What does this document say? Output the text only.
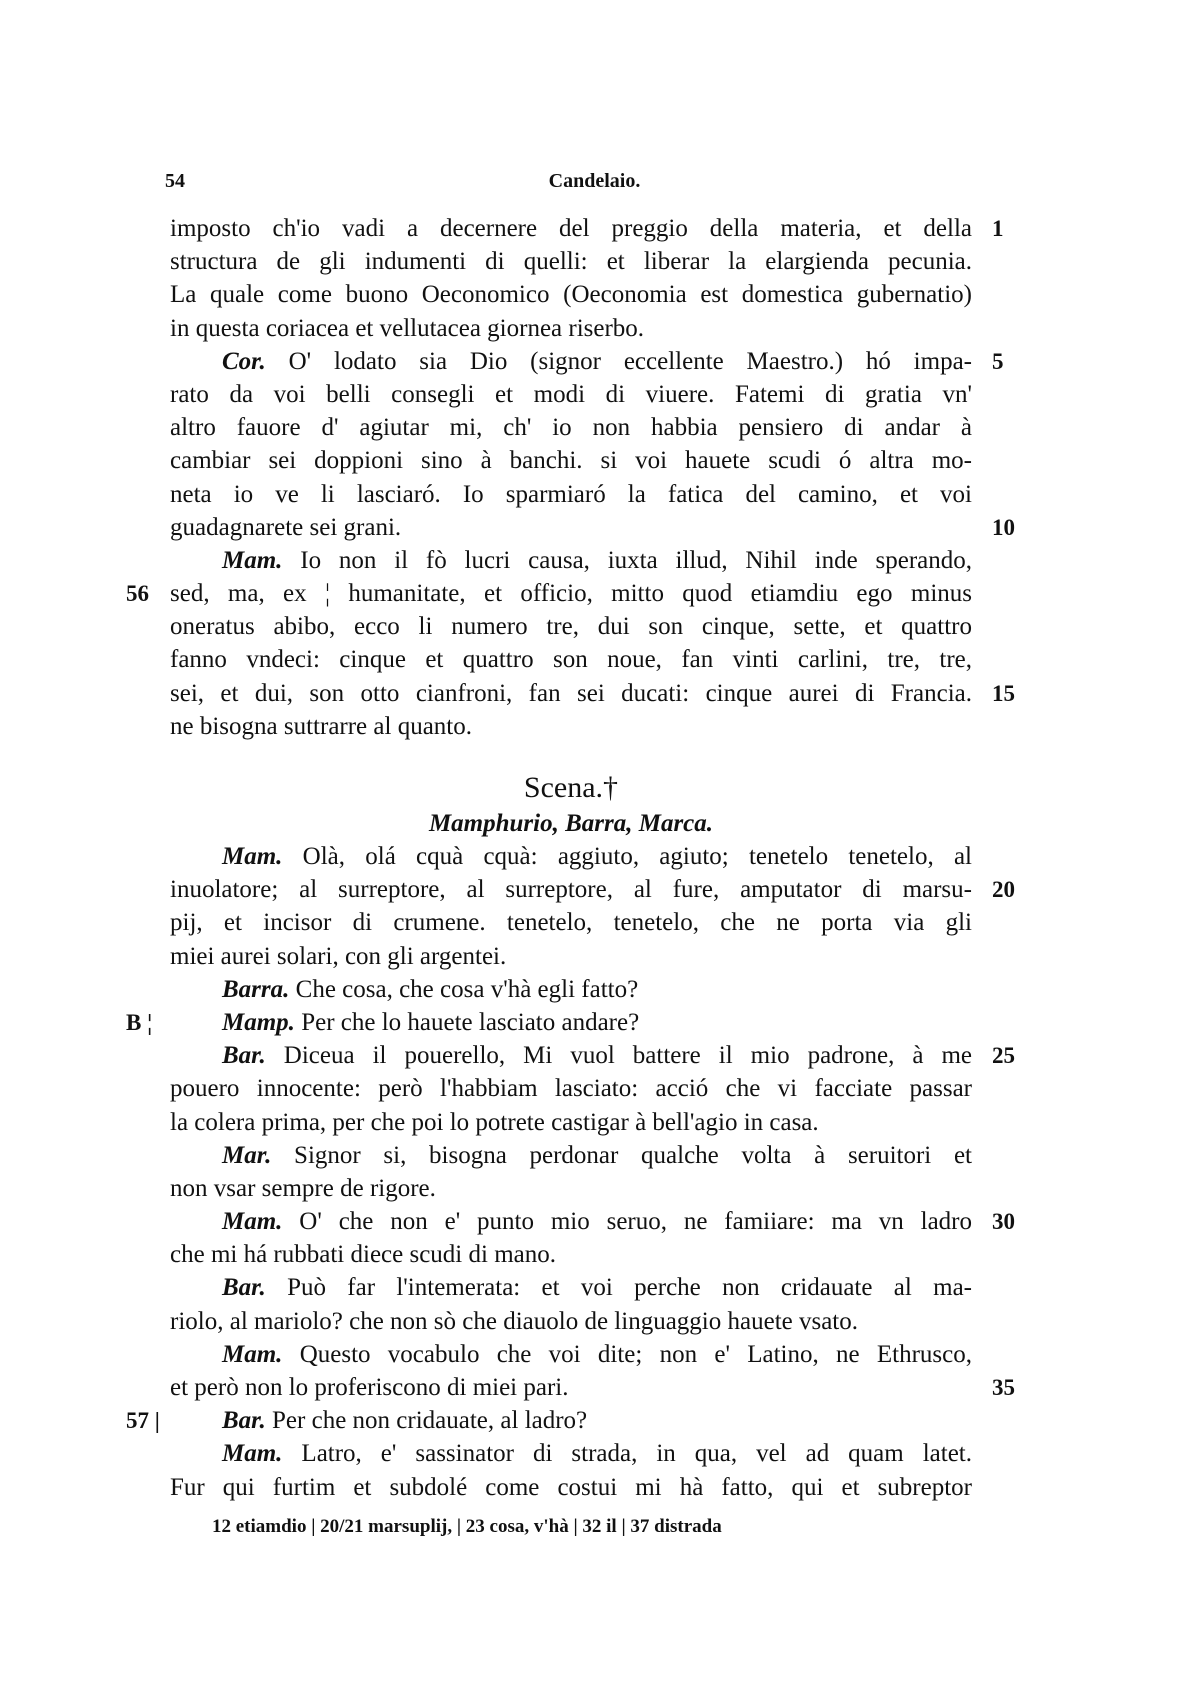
54	Candelaio.
imposto ch'io vadi a decernere del preggio della materia, et della 1
structura de gli indumenti di quelli: et liberar la elargienda pecunia.
La quale come buono Oeconomico (Oeconomia est domestica gubernatio)
in questa coriacea et vellutacea giornea riserbo.
Cor. O' lodato sia Dio (signor eccellente Maestro.) hó impa- 5
rato da voi belli consegli et modi di viuere. Fatemi di gratia vn'
altro fauore d' agiutar mi, ch' io non habbia pensiero di andar à
cambiar sei doppioni sino à banchi. si voi hauete scudi ó altra mo-
neta io ve li lasciaró. Io sparmiaró la fatica del camino, et voi
guadagnarete sei grani.	10
Mam. Io non il fò lucri causa, iuxta illud, Nihil inde sperando,
56 sed, ma, ex ¦ humanitate, et officio, mitto quod etiamdiu ego minus
oneratus abibo, ecco li numero tre, dui son cinque, sette, et quattro
fanno vndeci: cinque et quattro son noue, fan vinti carlini, tre, tre,
sei, et dui, son otto cianfroni, fan sei ducati: cinque aurei di Francia. 15
ne bisogna suttrarre al quanto.
Scena.†
Mamphurio, Barra, Marca.
Mam. Olà, olá cquà cquà: aggiuto, agiuto; tenetelo tenetelo, al
inuolatore; al surreptore, al surreptore, al fure, amputator di marsu- 20
pij, et incisor di crumene. tenetelo, tenetelo, che ne porta via gli
miei aurei solari, con gli argentei.
Barra. Che cosa, che cosa v'hà egli fatto?
B ¦	Mamp. Per che lo hauete lasciato andare?
Bar. Diceua il pouerello, Mi vuol battere il mio padrone, à me 25
pouero innocente: però l'habbiam lasciato: acció che vi facciate passar
la colera prima, per che poi lo potrete castigar à bell'agio in casa.
Mar. Signor si, bisogna perdonar qualche volta à seruitori et
non vsar sempre de rigore.
Mam. O' che non e' punto mio seruo, ne famiiare: ma vn ladro 30
che mi há rubbati diece scudi di mano.
Bar. Può far l'intemerata: et voi perche non cridauate al ma-
riolo, al mariolo? che non sò che diauolo de linguaggio hauete vsato.
Mam. Questo vocabulo che voi dite; non e' Latino, ne Ethrusco,
et però non lo proferiscono di miei pari.	35
57 | Bar. Per che non cridauate, al ladro?
Mam. Latro, e' sassinator di strada, in qua, vel ad quam latet.
Fur qui furtim et subdolé come costui mi hà fatto, qui et subreptor
12 etiamdio | 20/21 marsuplij, | 23 cosa, v'hà | 32 il | 37 distrada
